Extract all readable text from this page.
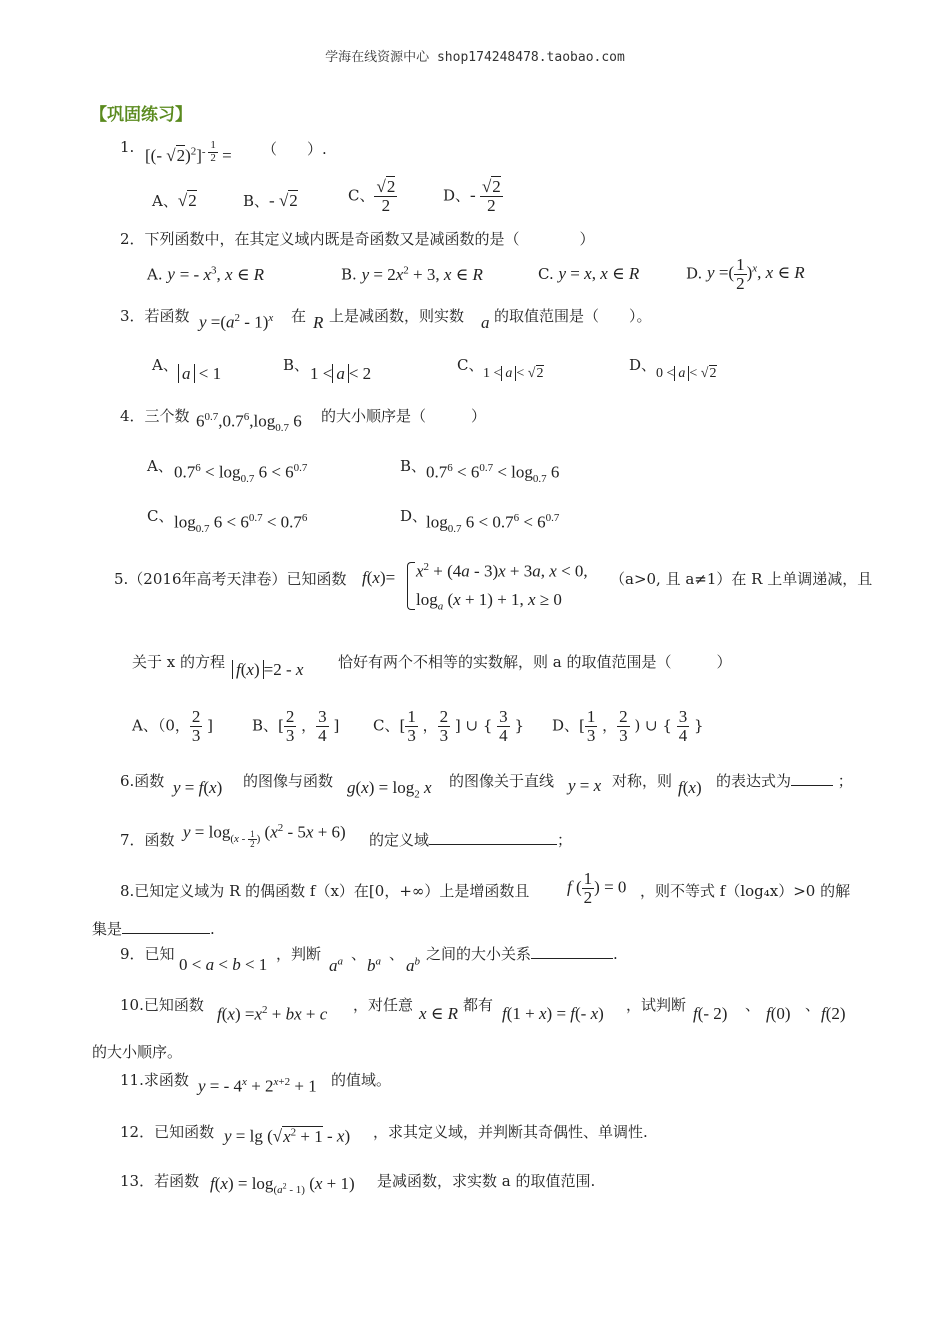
学海在线资源中心 shop174248478.taobao.com
【巩固练习】
1. [(- √2)$^2$]$^{- \frac{1}{2}}$ = （　　）.
A、√2	B、- √2	C、 $\frac{√2}{2}$	D、- $\frac{√2}{2}$
2．下列函数中，在其定义域内既是奇函数又是减函数的是（　　　　）
A. y = - $x^3$, x ∈ R	B. $y = 2x^2 + 3$, x ∈ R	C. y = x, x ∈ R	D. y =( $\frac{1}{2} )^x$, x ∈ R
3．若函数 $y =(a^2 - 1)^x$ 在 R 上是减函数，则实数 a 的取值范围是（　　）。
A、 a < 1	B、 1 < a < 2	C、 1 < a < √2	D、 0 < a < √2
4．三个数 $6^{0.7},0.7^6,\log_{0.7}$ 6 的大小顺序是（　　　）
A、 $0.7^6 < \log_{0.7} 6 < 6^{0.7}$	B、 $0.7^6 < 6^{0.7} < \log_{0.7} 6$
C、 $\log_{0.7} 6 < 6^{0.7} < 0.7^6$	D、
$\log_{0.7} 6 < 0.7^6 < 6^{0.7}$
5.（2016年高考天津卷）已知函数 $f(x)= x^2 + (4a - 3)x + 3a$, x < 0,
$\log_a (x + 1) + 1$, x ≥ 0
（a>0, 且 a≠1）在 R 上单调递减，且
关于 x 的方程 f(x) =2 - x 恰好有两个不相等的实数解，则 a 的取值范围是（　　　）
A、（0， $\frac{2}{3}$ ]	B、[ $\frac{2}{3}$ ， $\frac{3}{4}$ ] C、[ $\frac{1}{3}$ ， $\frac{2}{3}$ ] ∪ { $\frac{3}{4}$ } D、[ $\frac{1}{3}$ ， $\frac{2}{3}$ ) ∪ { $\frac{3}{4}$ }
6.函数 y = f(x) 的图像与函数 $g(x) = \log_2 x$ 的图像关于直线 y = x 对称，则 f(x) 的表达式为	；
7．函数 $y = \log_{(x - \frac{1}{2} )} (x^2 - 5x + 6)$ 的定义域	；
8.已知定义域为 R 的偶函数 f（x）在[0，+∞）上是增函数且 f ( $\frac{1}{2}$ ) = 0 ，则不等式 f（log₄x）>0 的解
集是	.
9．已知
0 < a < b < 1
，判断
$a^a$ 、
$b^a$ 、
$a^b$ 之间的大小关系	.
10.已知函数 $f(x) =x^2$ + bx + c ，对任意 x ∈ R 都有 f(1 + x) = f(- x) ，试判断 f(- 2) 、 f(0) 、 f(2)
的大小顺序。
11.求函数 y = - $4^x + 2^{x+2} + 1$ 的值域。
12．已知函数 $y = \lg (√x^2 + 1 - x)$ ，求其定义域，并判断其奇偶性、单调性.
13．若函数 $f(x) = \log_{(a^2 - 1)} (x + 1)$ 是减函数，求实数 a 的取值范围.
